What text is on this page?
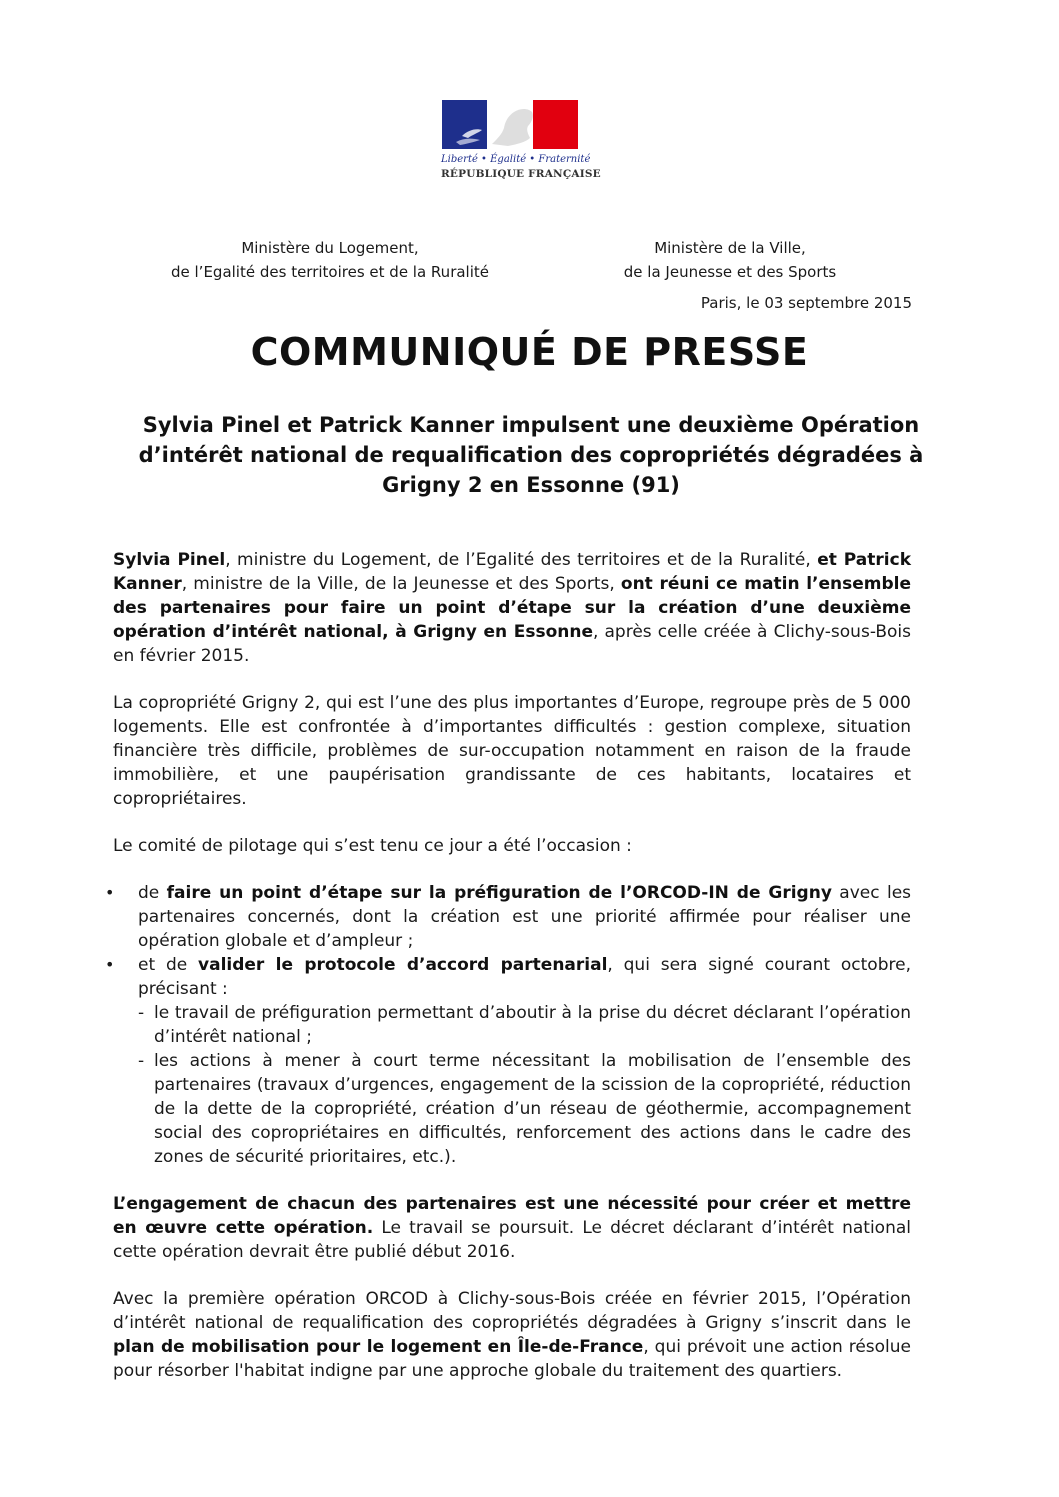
Liberté • Égalité • Fraternité
RÉPUBLIQUE FRANÇAISE
Ministère du Logement,
de l’Egalité des territoires et de la Ruralité
Ministère de la Ville,
de la Jeunesse et des Sports
Paris, le 03 septembre 2015
COMMUNIQUÉ DE PRESSE
Sylvia Pinel et Patrick Kanner impulsent une deuxième Opération d’intérêt national de requalification des copropriétés dégradées à Grigny 2 en Essonne (91)

Sylvia Pinel, ministre du Logement, de l’Egalité des territoires et de la Ruralité, et Patrick Kanner, ministre de la Ville, de la Jeunesse et des Sports, ont réuni ce matin l’ensemble des partenaires pour faire un point d’étape sur la création d’une deuxième opération d’intérêt national, à Grigny en Essonne, après celle créée à Clichy-sous-Bois en février 2015.

La copropriété Grigny 2, qui est l’une des plus importantes d’Europe, regroupe près de 5 000 logements. Elle est confrontée à d’importantes difficultés : gestion complexe, situation financière très difficile, problèmes de sur-occupation notamment en raison de la fraude immobilière, et une paupérisation grandissante de ces habitants, locataires et copropriétaires.

Le comité de pilotage qui s’est tenu ce jour a été l’occasion :

• de faire un point d’étape sur la préfiguration de l’ORCOD-IN de Grigny avec les partenaires concernés, dont la création est une priorité affirmée pour réaliser une opération globale et d’ampleur ;
• et de valider le protocole d’accord partenarial, qui sera signé courant octobre, précisant :
- le travail de préfiguration permettant d’aboutir à la prise du décret déclarant l’opération d’intérêt national ;
- les actions à mener à court terme nécessitant la mobilisation de l’ensemble des partenaires (travaux d’urgences, engagement de la scission de la copropriété, réduction de la dette de la copropriété, création d’un réseau de géothermie, accompagnement social des copropriétaires en difficultés, renforcement des actions dans le cadre des zones de sécurité prioritaires, etc.).

L’engagement de chacun des partenaires est une nécessité pour créer et mettre en œuvre cette opération. Le travail se poursuit. Le décret déclarant d’intérêt national cette opération devrait être publié début 2016.

Avec la première opération ORCOD à Clichy-sous-Bois créée en février 2015, l’Opération d’intérêt national de requalification des copropriétés dégradées à Grigny s’inscrit dans le plan de mobilisation pour le logement en Île-de-France, qui prévoit une action résolue pour résorber l'habitat indigne par une approche globale du traitement des quartiers.
